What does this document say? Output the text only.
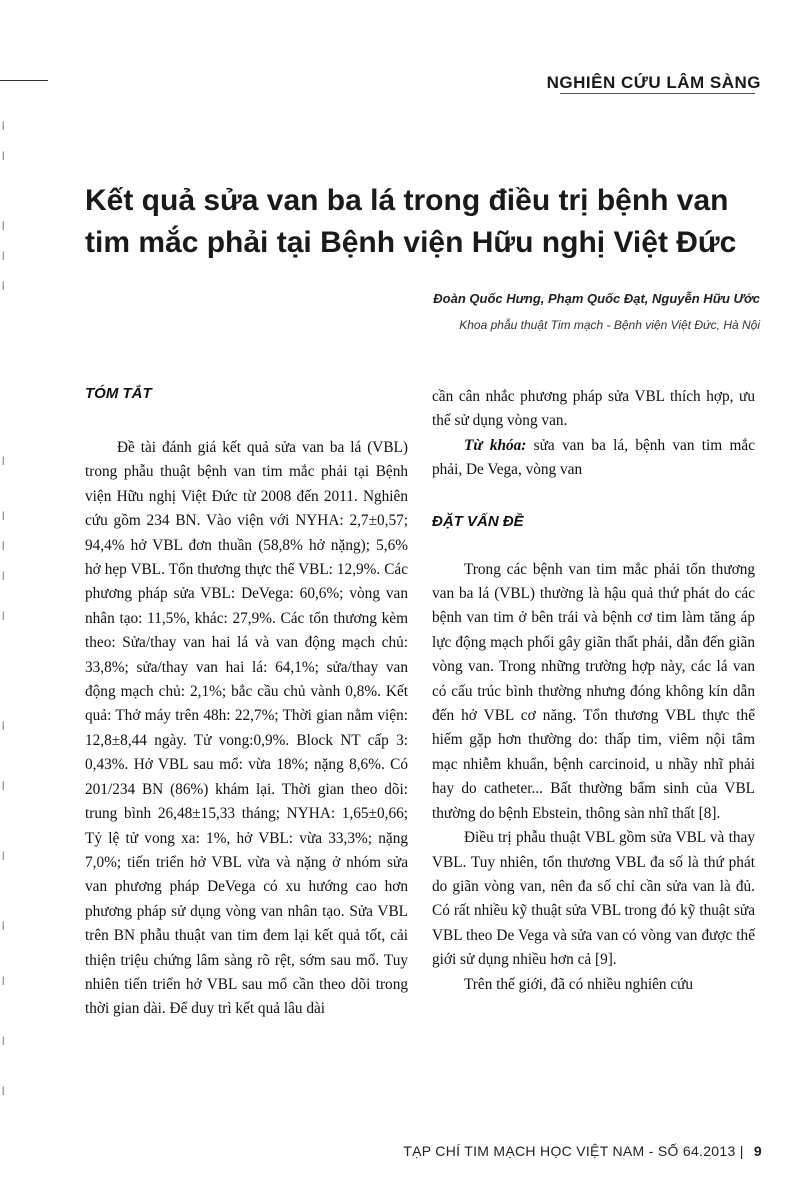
|
|
|
|
|
|
|
|
|
|
|
|
|
|
|
|
|
NGHIÊN CỨU LÂM SÀNG
Kết quả sửa van ba lá trong điều trị bệnh van tim mắc phải tại Bệnh viện Hữu nghị Việt Đức
Đoàn Quốc Hưng, Phạm Quốc Đạt, Nguyễn Hữu Ước
Khoa phẫu thuật Tim mạch - Bệnh viện Việt Đức, Hà Nội
TÓM TẮT

Đề tài đánh giá kết quả sửa van ba lá (VBL) trong phẫu thuật bệnh van tim mắc phải tại Bệnh viện Hữu nghị Việt Đức từ 2008 đến 2011. Nghiên cứu gồm 234 BN. Vào viện với NYHA: 2,7±0,57; 94,4% hở VBL đơn thuần (58,8% hở nặng); 5,6% hở hẹp VBL. Tổn thương thực thể VBL: 12,9%. Các phương pháp sửa VBL: DeVega: 60,6%; vòng van nhân tạo: 11,5%, khác: 27,9%. Các tổn thương kèm theo: Sửa/thay van hai lá và van động mạch chủ: 33,8%; sửa/thay van hai lá: 64,1%; sửa/thay van động mạch chủ: 2,1%; bắc cầu chủ vành 0,8%. Kết quả: Thở máy trên 48h: 22,7%; Thời gian nằm viện: 12,8±8,44 ngày. Tử vong:0,9%. Block NT cấp 3: 0,43%. Hở VBL sau mổ: vừa 18%; nặng 8,6%. Có 201/234 BN (86%) khám lại. Thời gian theo dõi: trung bình 26,48±15,33 tháng; NYHA: 1,65±0,66; Tỷ lệ tử vong xa: 1%, hở VBL: vừa 33,3%; nặng 7,0%; tiến triển hở VBL vừa và nặng ở nhóm sửa van phương pháp DeVega có xu hướng cao hơn phương pháp sử dụng vòng van nhân tạo. Sửa VBL trên BN phẫu thuật van tim đem lại kết quả tốt, cải thiện triệu chứng lâm sàng rõ rệt, sớm sau mổ. Tuy nhiên tiến triển hở VBL sau mổ cần theo dõi trong thời gian dài. Để duy trì kết quả lâu dài

cần cân nhắc phương pháp sửa VBL thích hợp, ưu thế sử dụng vòng van.

Từ khóa: sửa van ba lá, bệnh van tim mắc phải, De Vega, vòng van

ĐẶT VẤN ĐỀ

Trong các bệnh van tim mắc phải tổn thương van ba lá (VBL) thường là hậu quả thứ phát do các bệnh van tim ở bên trái và bệnh cơ tim làm tăng áp lực động mạch phổi gây giãn thất phải, dẫn đến giãn vòng van. Trong những trường hợp này, các lá van có cấu trúc bình thường nhưng đóng không kín dẫn đến hở VBL cơ năng. Tổn thương VBL thực thể hiếm gặp hơn thường do: thấp tim, viêm nội tâm mạc nhiễm khuẩn, bệnh carcinoid, u nhầy nhĩ phải hay do catheter... Bất thường bẩm sinh của VBL thường do bệnh Ebstein, thông sàn nhĩ thất [8].

Điều trị phẫu thuật VBL gồm sửa VBL và thay VBL. Tuy nhiên, tổn thương VBL đa số là thứ phát do giãn vòng van, nên đa số chỉ cần sửa van là đủ. Có rất nhiều kỹ thuật sửa VBL trong đó kỹ thuật sửa VBL theo De Vega và sửa van có vòng van được thế giới sử dụng nhiều hơn cả [9].

Trên thế giới, đã có nhiều nghiên cứu

TẠP CHÍ TIM MẠCH HỌC VIỆT NAM - SỐ 64.2013 | 9
